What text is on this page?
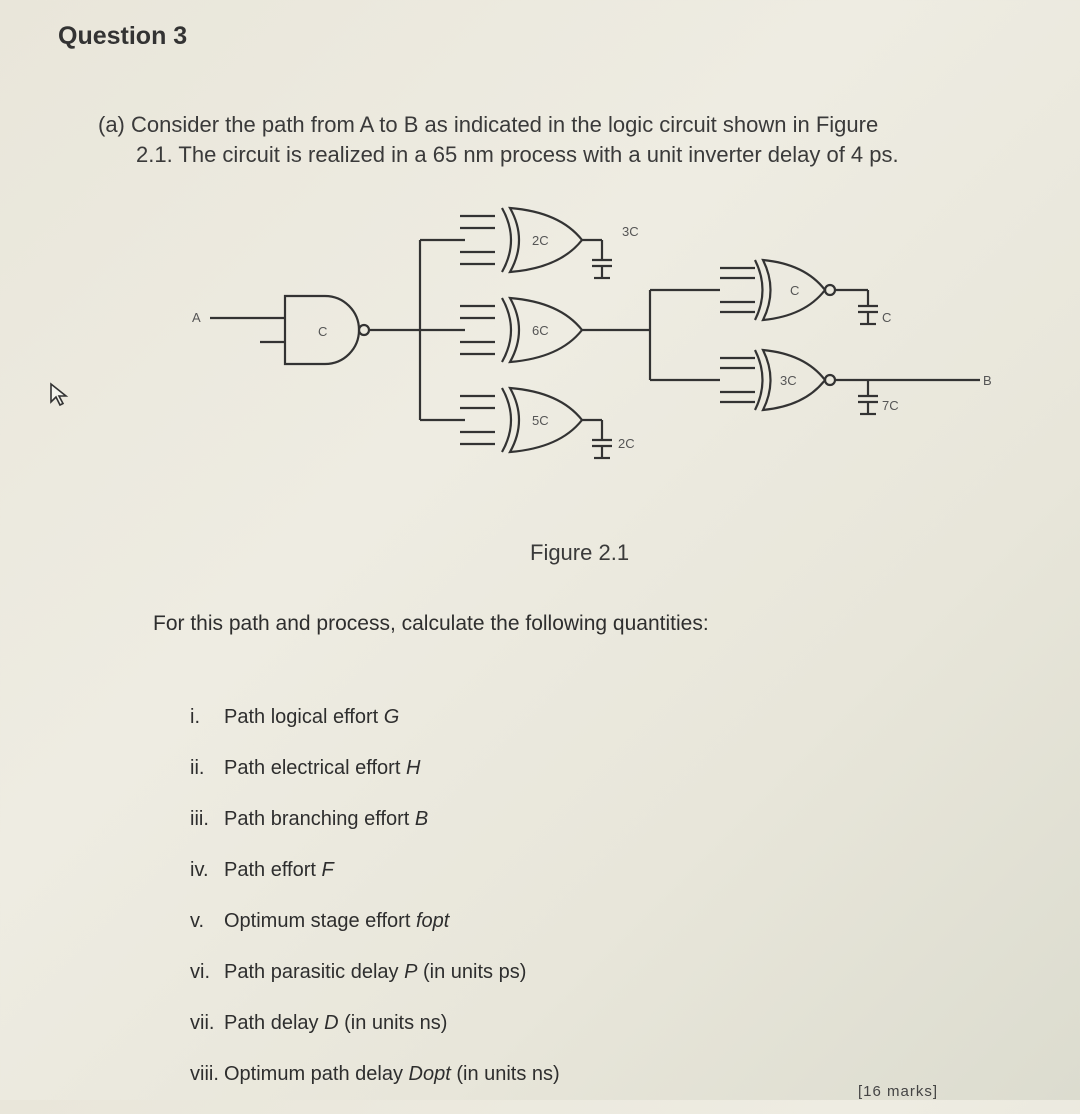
Question 3
(a) Consider the path from A to B as indicated in the logic circuit shown in Figure
2.1. The circuit is realized in a 65 nm process with a unit inverter delay of 4 ps.
A
C
2C
6C
5C
3C
2C
C
3C
C
7C
B
Figure 2.1
For this path and process, calculate the following quantities:
i. Path logical effort G
ii. Path electrical effort H
iii. Path branching effort B
iv. Path effort F
v. Optimum stage effort fopt
vi. Path parasitic delay P (in units ps)
vii. Path delay D (in units ns)
viii. Optimum path delay Dopt (in units ns)
[16 marks]
